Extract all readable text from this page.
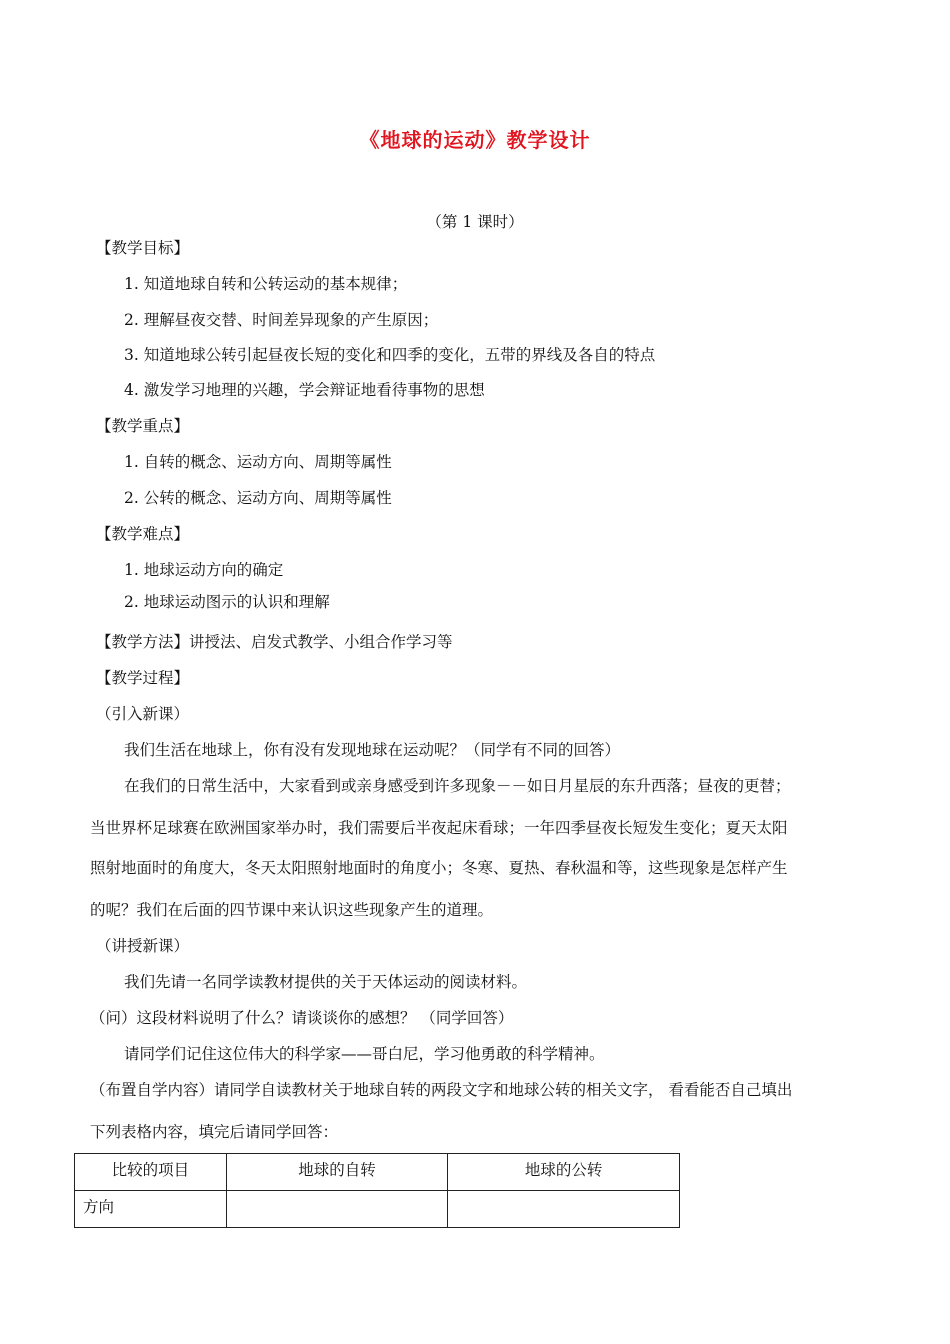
《地球的运动》教学设计
（第 1 课时）
【教学目标】
1. 知道地球自转和公转运动的基本规律；
2. 理解昼夜交替、时间差异现象的产生原因；
3. 知道地球公转引起昼夜长短的变化和四季的变化，五带的界线及各自的特点
4. 激发学习地理的兴趣，学会辩证地看待事物的思想
【教学重点】
1. 自转的概念、运动方向、周期等属性
2. 公转的概念、运动方向、周期等属性
【教学难点】
1. 地球运动方向的确定
2. 地球运动图示的认识和理解
【教学方法】讲授法、启发式教学、小组合作学习等
【教学过程】
（引入新课）
我们生活在地球上，你有没有发现地球在运动呢？（同学有不同的回答）
在我们的日常生活中，大家看到或亲身感受到许多现象－－如日月星辰的东升西落；昼夜的更替；
当世界杯足球赛在欧洲国家举办时，我们需要后半夜起床看球；一年四季昼夜长短发生变化；夏天太阳
照射地面时的角度大，冬天太阳照射地面时的角度小；冬寒、夏热、春秋温和等，这些现象是怎样产生
的呢？我们在后面的四节课中来认识这些现象产生的道理。
（讲授新课）
我们先请一名同学读教材提供的关于天体运动的阅读材料。
（问）这段材料说明了什么？请谈谈你的感想？ （同学回答）
请同学们记住这位伟大的科学家——哥白尼，学习他勇敢的科学精神。
（布置自学内容）请同学自读教材关于地球自转的两段文字和地球公转的相关文字， 看看能否自己填出
下列表格内容，填完后请同学回答：
比较的项目	地球的自转	地球的公转
方向		
